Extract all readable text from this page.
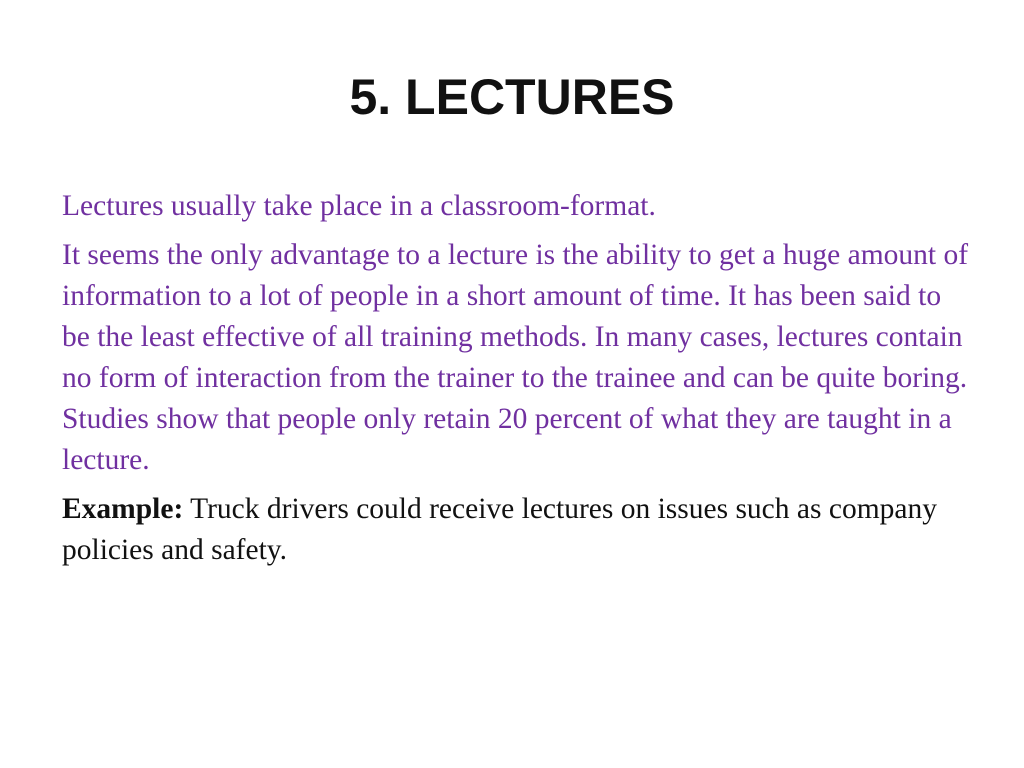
5. LECTURES

Lectures usually take place in a classroom-format.

It seems the only advantage to a lecture is the ability to get a huge amount of information to a lot of people in a short amount of time. It has been said to be the least effective of all training methods. In many cases, lectures contain no form of interaction from the trainer to the trainee and can be quite boring. Studies show that people only retain 20 percent of what they are taught in a lecture.

Example: Truck drivers could receive lectures on issues such as company policies and safety.
